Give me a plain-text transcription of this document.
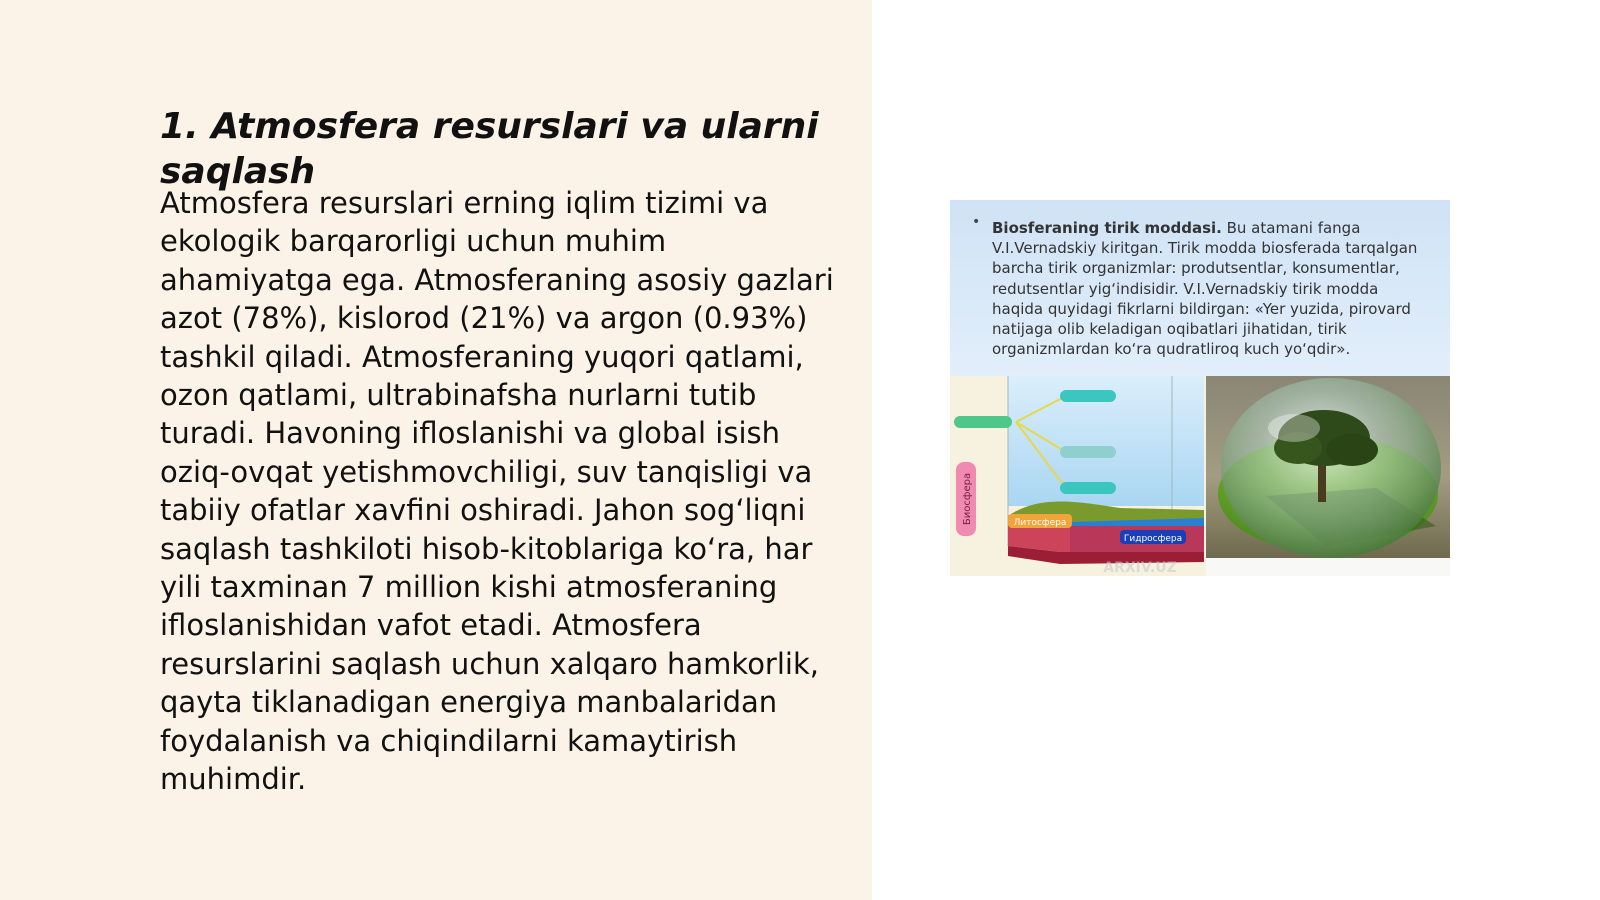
1. Atmosfera resurslari va ularni saqlash

Atmosfera resurslari erning iqlim tizimi va ekologik barqarorligi uchun muhim ahamiyatga ega. Atmosferaning asosiy gazlari azot (78%), kislorod (21%) va argon (0.93%) tashkil qiladi. Atmosferaning yuqori qatlami, ozon qatlami, ultrabinafsha nurlarni tutib turadi. Havoning ifloslanishi va global isish oziq-ovqat yetishmovchiligi, suv tanqisligi va tabiiy ofatlar xavfini oshiradi. Jahon sog‘liqni saqlash tashkiloti hisob-kitoblariga ko‘ra, har yili taxminan 7 million kishi atmosferaning ifloslanishidan vafot etadi. Atmosfera resurslarini saqlash uchun xalqaro hamkorlik, qayta tiklanadigan energiya manbalaridan foydalanish va chiqindilarni kamaytirish muhimdir.

• Biosferaning tirik moddasi. Bu atamani fanga V.I.Vernadskiy kiritgan. Tirik modda biosferada tarqalgan barcha tirik organizmlar: produtsentlar, konsumentlar, redutsentlar yig‘indisidir. V.I.Vernadskiy tirik modda haqida quyidagi fikrlarni bildirgan: «Yer yuzida, pirovard natijaga olib keladigan oqibatlari jihatidan, tirik organizmlardan ko‘ra qudratliroq kuch yo‘qdir».
Биосфера	Литосфера
Гидросфера
ARXIV.UZ
